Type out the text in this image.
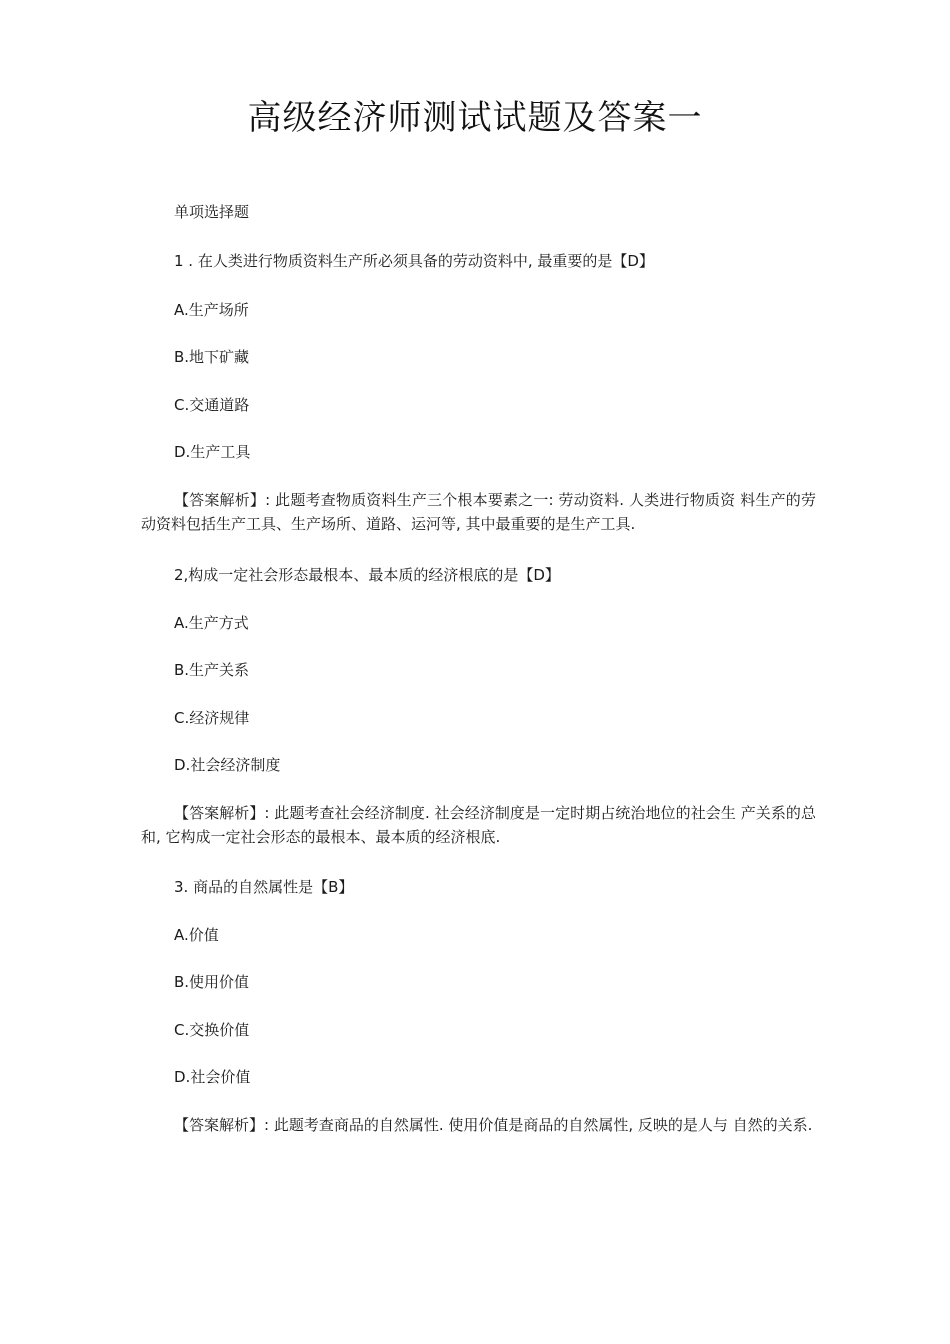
高级经济师测试试题及答案一
单项选择题
1 . 在人类进行物质资料生产所必须具备的劳动资料中, 最重要的是【D】
A.生产场所
B.地下矿藏
C.交通道路
D.生产工具
【答案解析】: 此题考查物质资料生产三个根本要素之一: 劳动资料. 人类进行物质资 料生产的劳动资料包括生产工具、生产场所、道路、运河等, 其中最重要的是生产工具.
2,构成一定社会形态最根本、最本质的经济根底的是【D】
A.生产方式
B.生产关系
C.经济规律
D.社会经济制度
【答案解析】: 此题考查社会经济制度. 社会经济制度是一定时期占统治地位的社会生 产关系的总和, 它构成一定社会形态的最根本、最本质的经济根底.
3. 商品的自然属性是【B】
A.价值
B.使用价值
C.交换价值
D.社会价值
【答案解析】: 此题考查商品的自然属性. 使用价值是商品的自然属性, 反映的是人与 自然的关系.
